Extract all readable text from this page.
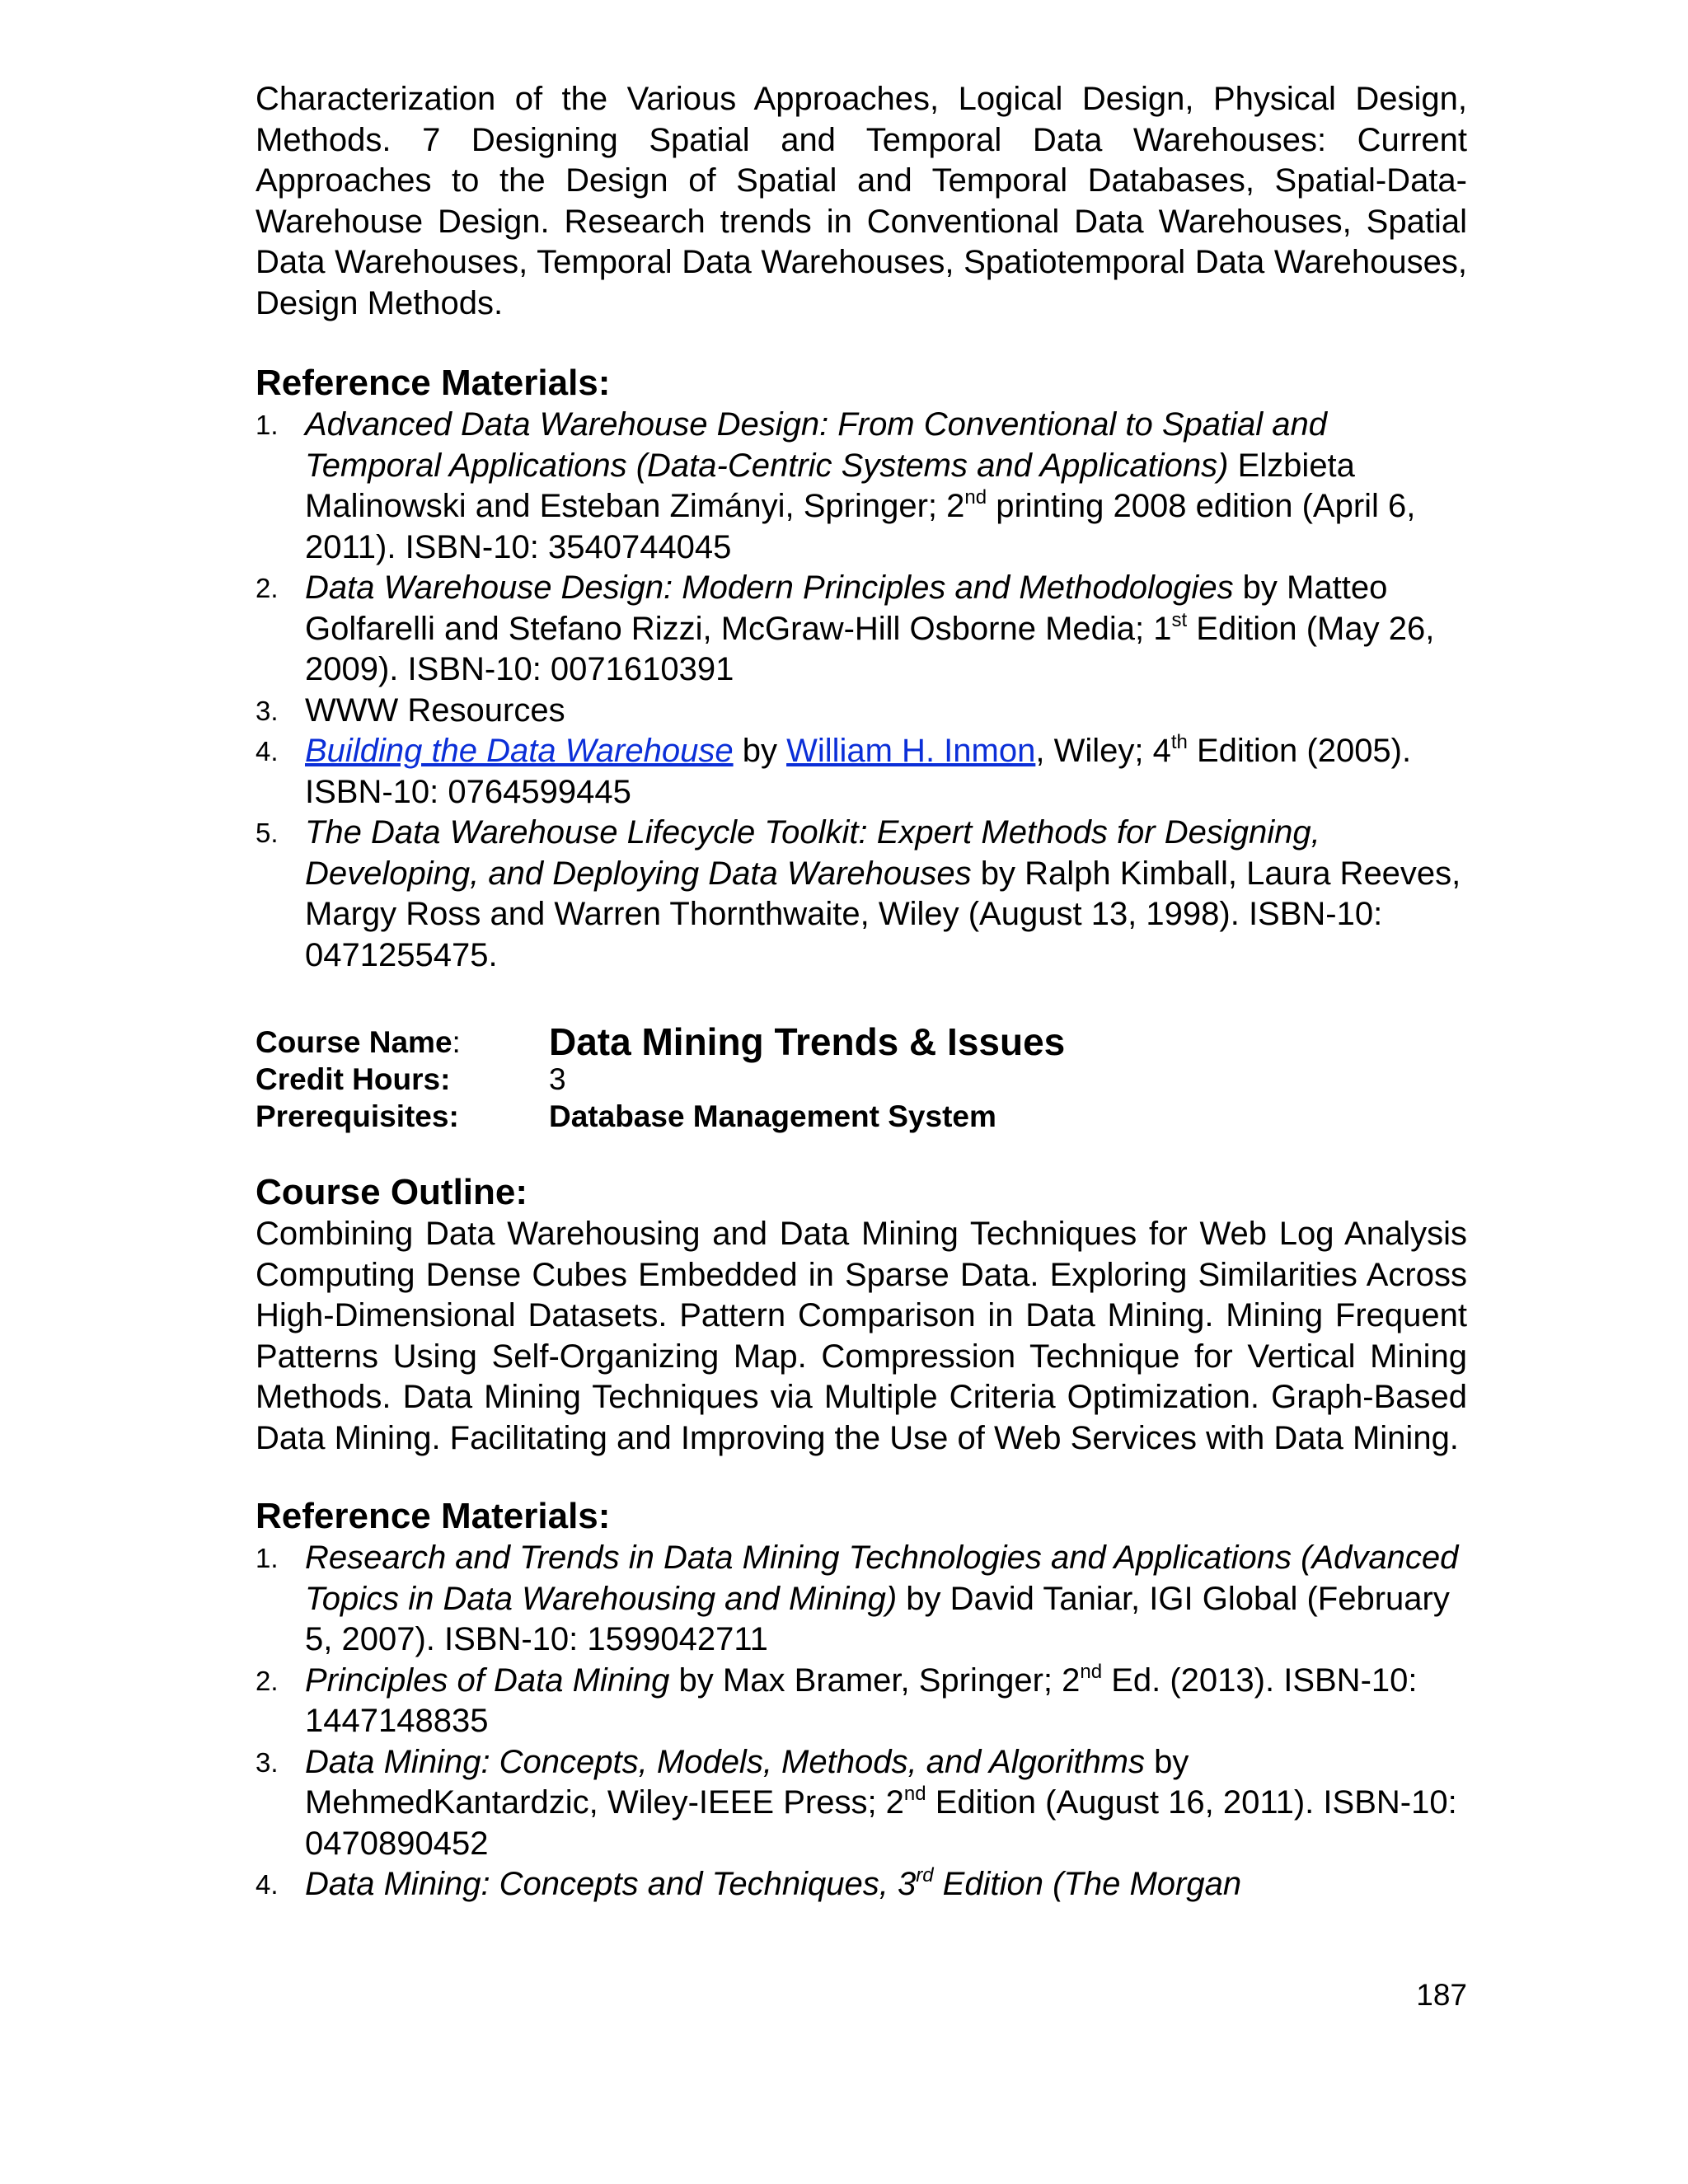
Characterization of the Various Approaches, Logical Design, Physical Design, Methods. 7 Designing Spatial and Temporal Data Warehouses: Current Approaches to the Design of Spatial and Temporal Databases, Spatial-Data-Warehouse Design. Research trends in Conventional Data Warehouses, Spatial Data Warehouses, Temporal Data Warehouses, Spatiotemporal Data Warehouses, Design Methods.

Reference Materials:

1. Advanced Data Warehouse Design: From Conventional to Spatial and Temporal Applications (Data-Centric Systems and Applications) Elzbieta Malinowski and Esteban Zimányi, Springer; 2nd printing 2008 edition (April 6, 2011). ISBN-10: 3540744045
2. Data Warehouse Design: Modern Principles and Methodologies by Matteo Golfarelli and Stefano Rizzi, McGraw-Hill Osborne Media; 1st Edition (May 26, 2009). ISBN-10: 0071610391
3. WWW Resources
4. Building the Data Warehouse by William H. Inmon, Wiley; 4th Edition (2005). ISBN-10: 0764599445
5. The Data Warehouse Lifecycle Toolkit: Expert Methods for Designing, Developing, and Deploying Data Warehouses by Ralph Kimball, Laura Reeves, Margy Ross and Warren Thornthwaite, Wiley (August 13, 1998). ISBN-10: 0471255475.
Course Name:	Data Mining Trends & Issues
Credit Hours:	3
Prerequisites:	Database Management System

Course Outline:

Combining Data Warehousing and Data Mining Techniques for Web Log Analysis Computing Dense Cubes Embedded in Sparse Data. Exploring Similarities Across High-Dimensional Datasets. Pattern Comparison in Data Mining. Mining Frequent Patterns Using Self-Organizing Map. Compression Technique for Vertical Mining Methods. Data Mining Techniques via Multiple Criteria Optimization. Graph-Based Data Mining. Facilitating and Improving the Use of Web Services with Data Mining.

Reference Materials:

1. Research and Trends in Data Mining Technologies and Applications (Advanced Topics in Data Warehousing and Mining) by David Taniar, IGI Global (February 5, 2007). ISBN-10: 1599042711
2. Principles of Data Mining by Max Bramer, Springer; 2nd Ed. (2013). ISBN-10: 1447148835
3. Data Mining: Concepts, Models, Methods, and Algorithms by MehmedKantardzic, Wiley-IEEE Press; 2nd Edition (August 16, 2011). ISBN-10: 0470890452
4. Data Mining: Concepts and Techniques, 3rd Edition (The Morgan
187
